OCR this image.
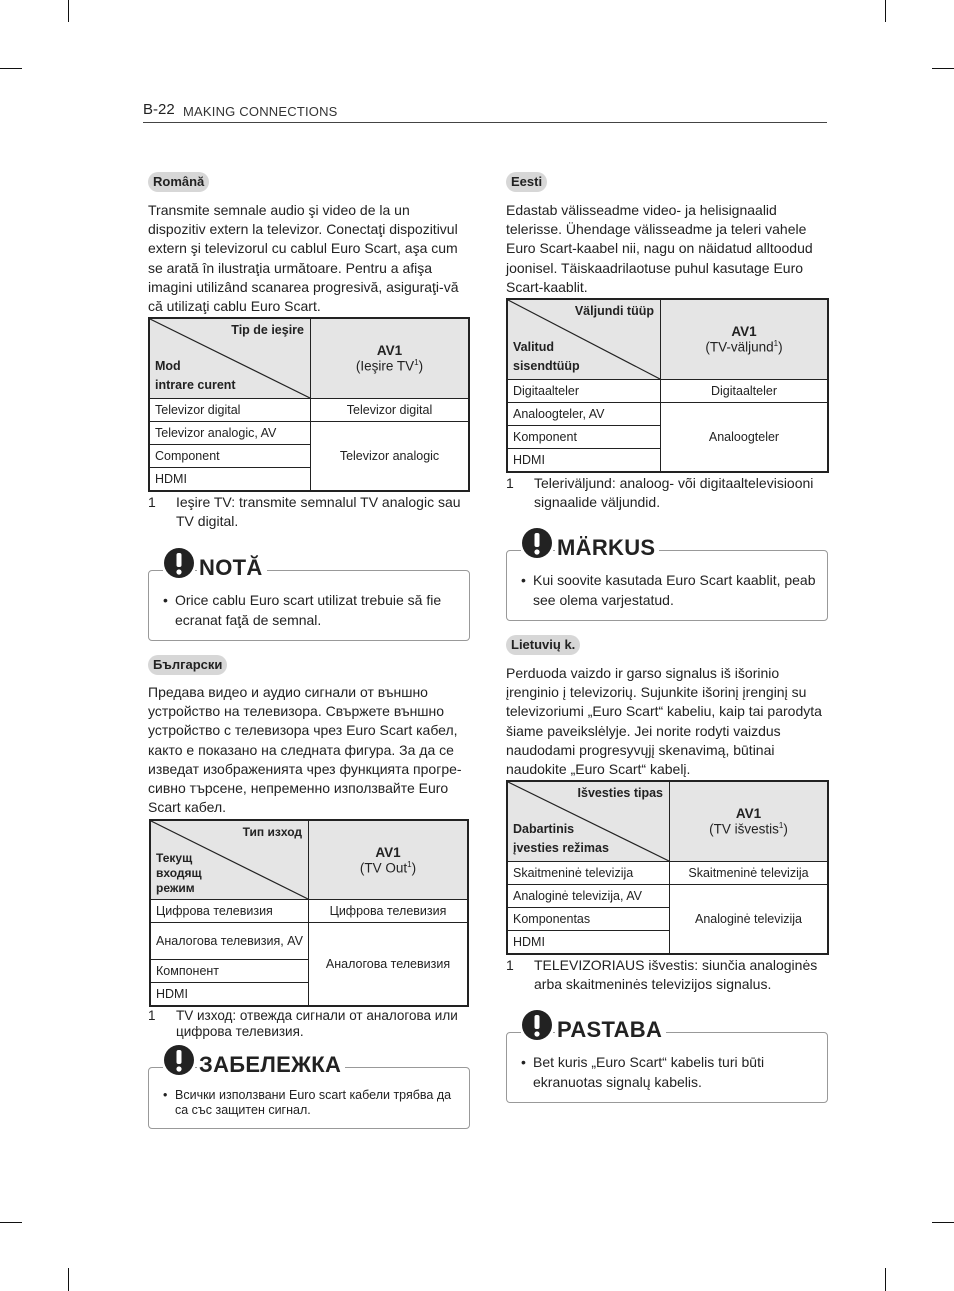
B-22 MAKING CONNECTIONS
Română

Transmite semnale audio şi video de la un dispozitiv extern la televizor. Conectaţi dispozitivul extern şi televizorul cu cablul Euro Scart, aşa cum se arată în ilustraţia următoare. Pentru a afişa imagini utilizând scanarea progresivă, asiguraţi-vă că utilizaţi cablu Euro Scart.

Tip de ieşire
Mod
intrare curent	AV1
(Ieşire $TV^1$)

Televizor digital	Televizor digital
Televizor analogic, AV	Televizor analogic
Component	
HDMI	
1 Ieşire TV: transmite semnalul TV analogic sau TV digital.
NOTĂ
• Orice cablu Euro scart utilizat trebuie să fie ecranat faţă de semnal.
Български

Предава видео и аудио сигнали от външно устройство на телевизора. Свържете външно устройство с телевизора чрез Euro Scart кабел, както е показано на следната фигура. За да се изведат изображенията чрез функцията прогре- сивно търсене, непременно използвайте Euro Scart кабел.

Тип изход
Текущ
входящ
режим	AV1
(TV Out$^1$)

Цифрова телевизия	Цифрова телевизия
Аналогова телевизия, AV	Аналогова телевизия
Компонент	
HDMI	
1 TV изход: отвежда сигнали от аналогова или цифрова телевизия.
ЗАБЕЛЕЖКА
• Всички използвани Euro scart кабели трябва да са със защитен сигнал.
Eesti

Edastab välisseadme video- ja helisignaalid telerisse. Ühendage välisseadme ja teleri vahele Euro Scart-kaabel nii, nagu on näidatud alltoodud joonisel. Täiskaadrilaotuse puhul kasutage Euro Scart-kaablit.

Väljundi tüüp
Valitud
sisendtüüp	AV1
(TV-väljund$^1$)

Digitaalteler	Digitaalteler
Analoogteler, AV	Analoogteler
Komponent	
HDMI	
1 Teleriväljund: analoog- või digitaaltelevisiooni signaalide väljundid.
MÄRKUS
• Kui soovite kasutada Euro Scart kaablit, peab see olema varjestatud.
Lietuvių k.

Perduoda vaizdo ir garso signalus iš išorinio įrenginio į televizorių. Sujunkite išorinį įrenginį su televizoriumi „Euro Scart“ kabeliu, kaip tai parodyta šiame paveikslėlyje. Jei norite rodyti vaizdus naudodami progresyvųjį skenavimą, būtinai naudokite „Euro Scart“ kabelį.

Išvesties tipas
Dabartinis
įvesties režimas	AV1
(TV išvestis$^1$)

Skaitmeninė televizija	Skaitmeninė televizija
Analoginė televizija, AV	Analoginė televizija
Komponentas	
HDMI	
1 TELEVIZORIAUS išvestis: siunčia analoginės arba skaitmeninės televizijos signalus.
PASTABA
• Bet kuris „Euro Scart“ kabelis turi būti ekranuotas signalų kabelis.
